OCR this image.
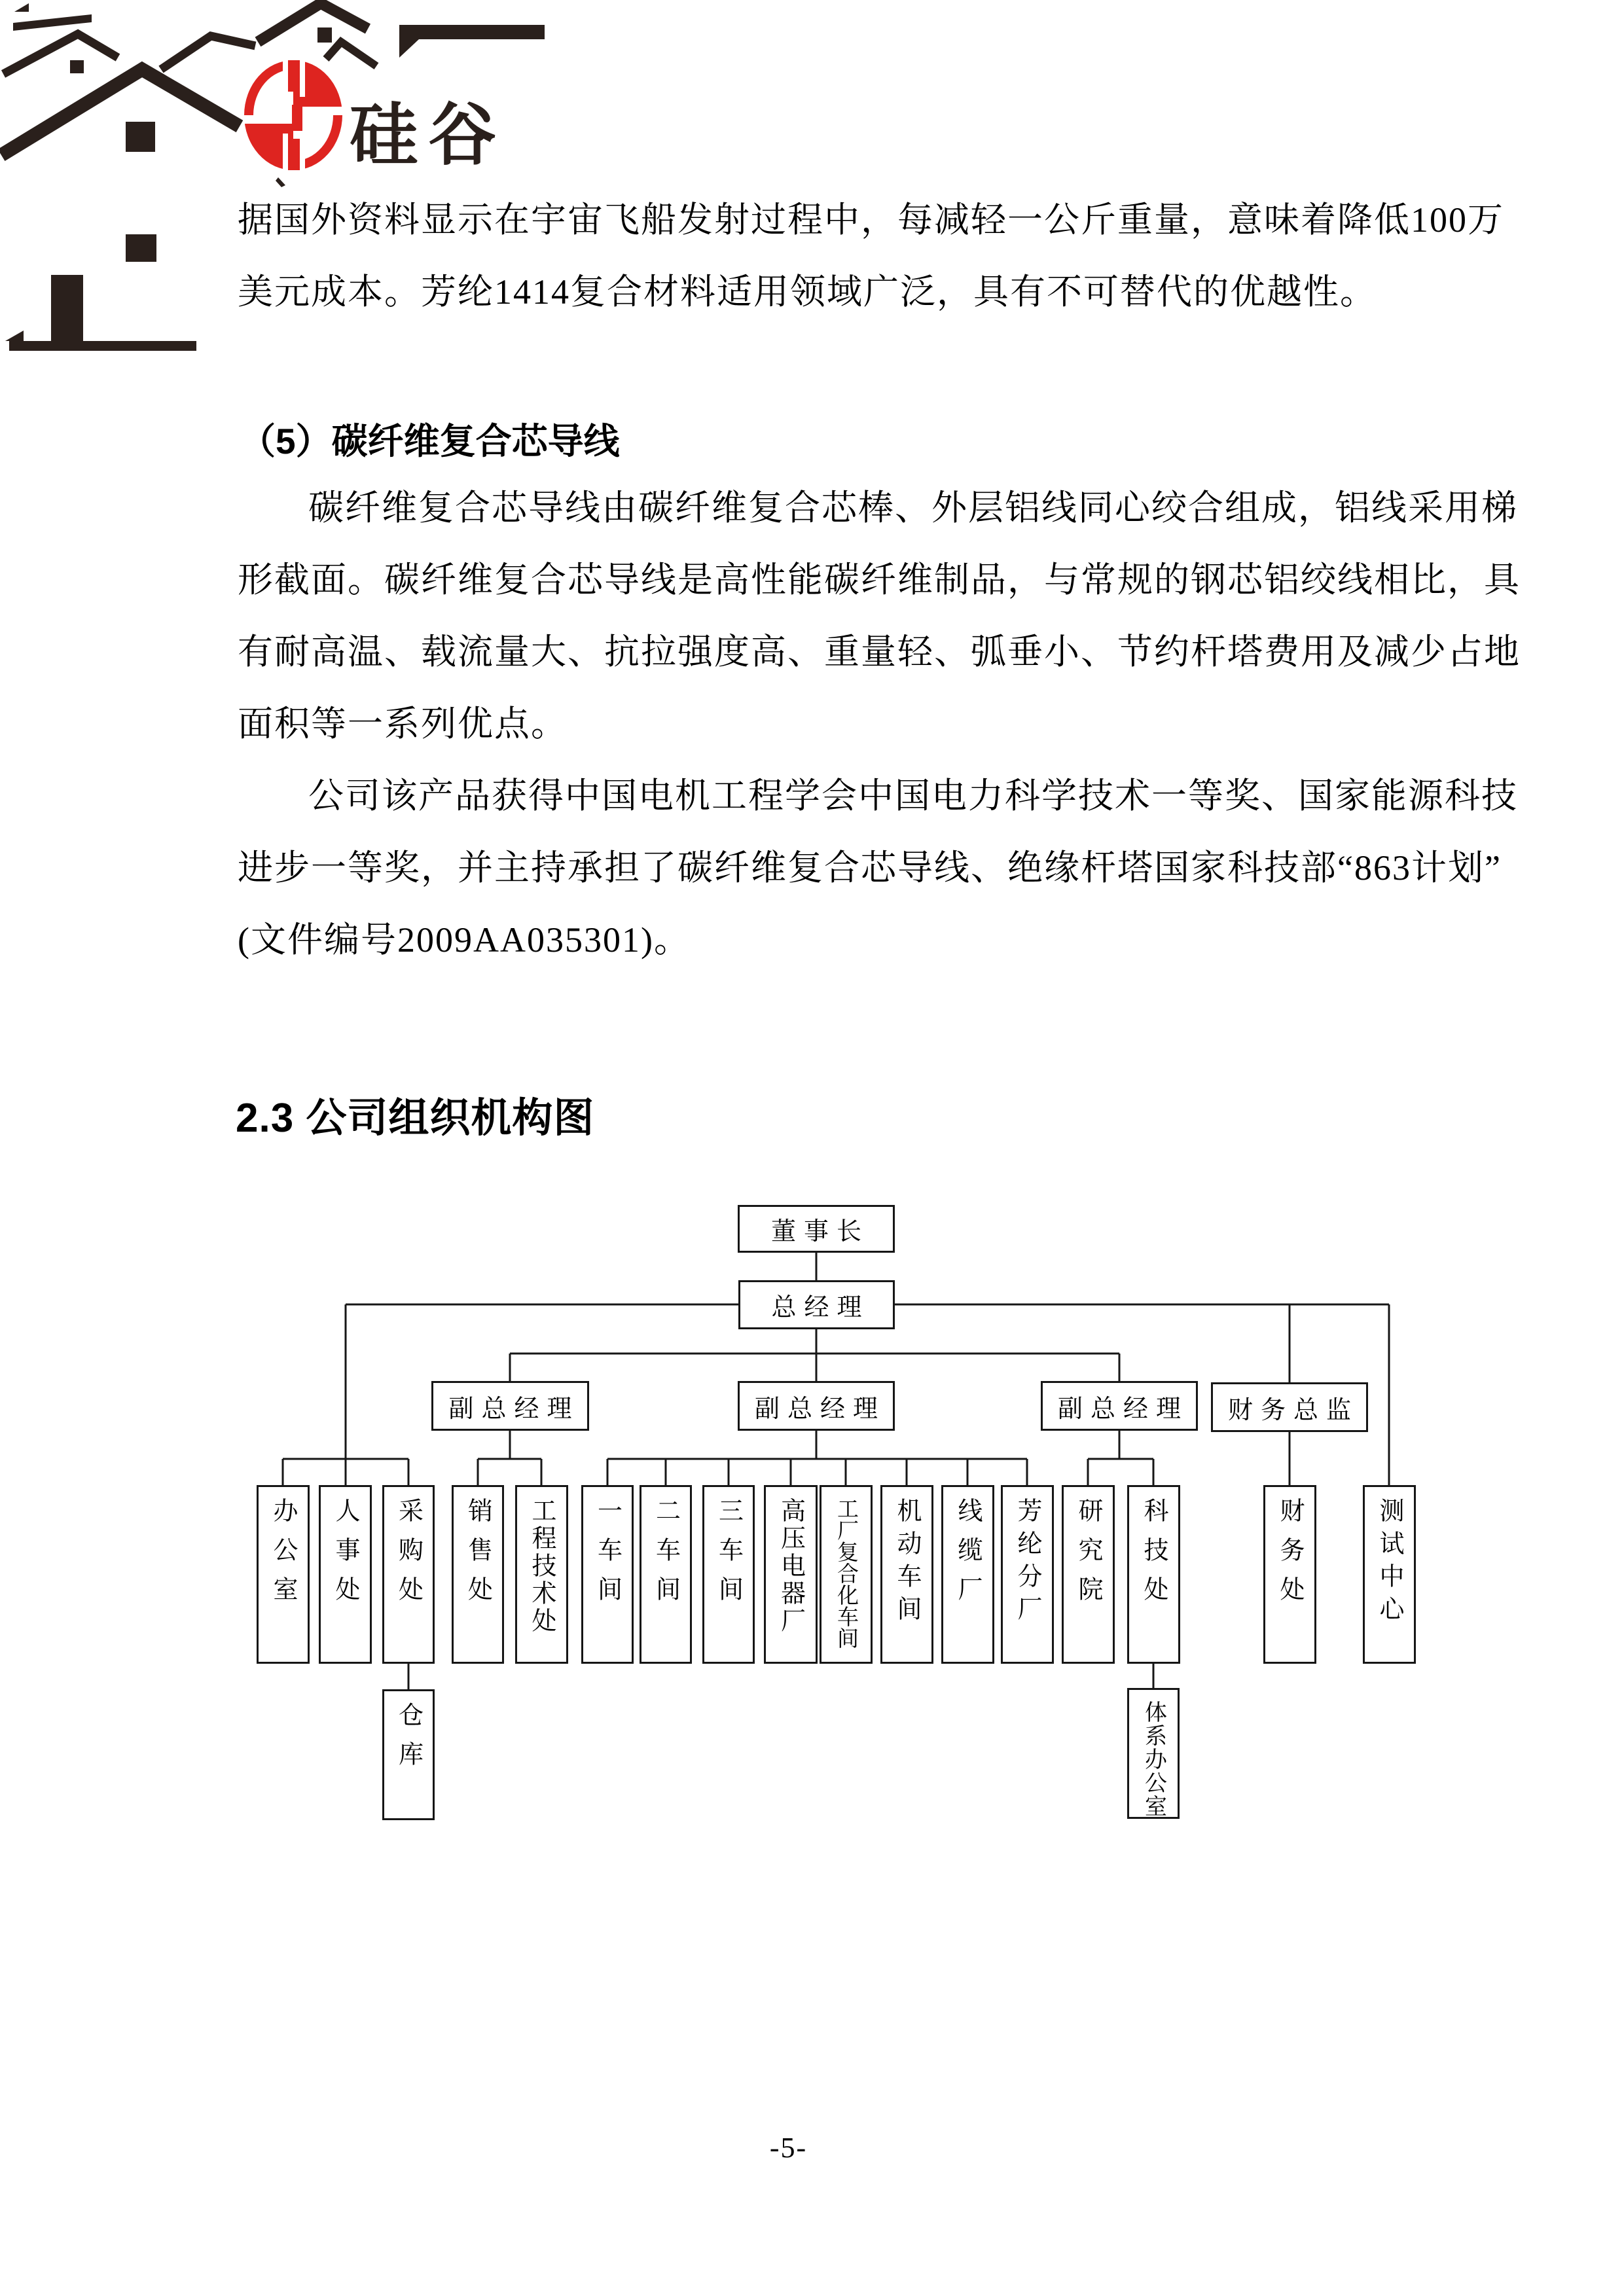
硅谷
据国外资料显示在宇宙飞船发射过程中，每减轻一公斤重量，意味着降低100万
美元成本。芳纶1414复合材料适用领域广泛，具有不可替代的优越性。
（5）碳纤维复合芯导线
碳纤维复合芯导线由碳纤维复合芯棒、外层铝线同心绞合组成，铝线采用梯
形截面。碳纤维复合芯导线是高性能碳纤维制品，与常规的钢芯铝绞线相比，具
有耐高温、载流量大、抗拉强度高、重量轻、弧垂小、节约杆塔费用及减少占地
面积等一系列优点。
公司该产品获得中国电机工程学会中国电力科学技术一等奖、国家能源科技
进步一等奖，并主持承担了碳纤维复合芯导线、绝缘杆塔国家科技部“863计划”
(文件编号2009AA035301)。
2.3 公司组织机构图
董事长
总经理
副总经理	副总经理	副总经理 财务总监
办公室 人事处 采购处 销售处 工程技术处 一车间 二车间 三车间 高压电器厂 工厂复合化车间 机动车间 线缆厂 芳纶分厂 研究院 科技处	财务处	测试中心
仓库	体系办公室
-5-
